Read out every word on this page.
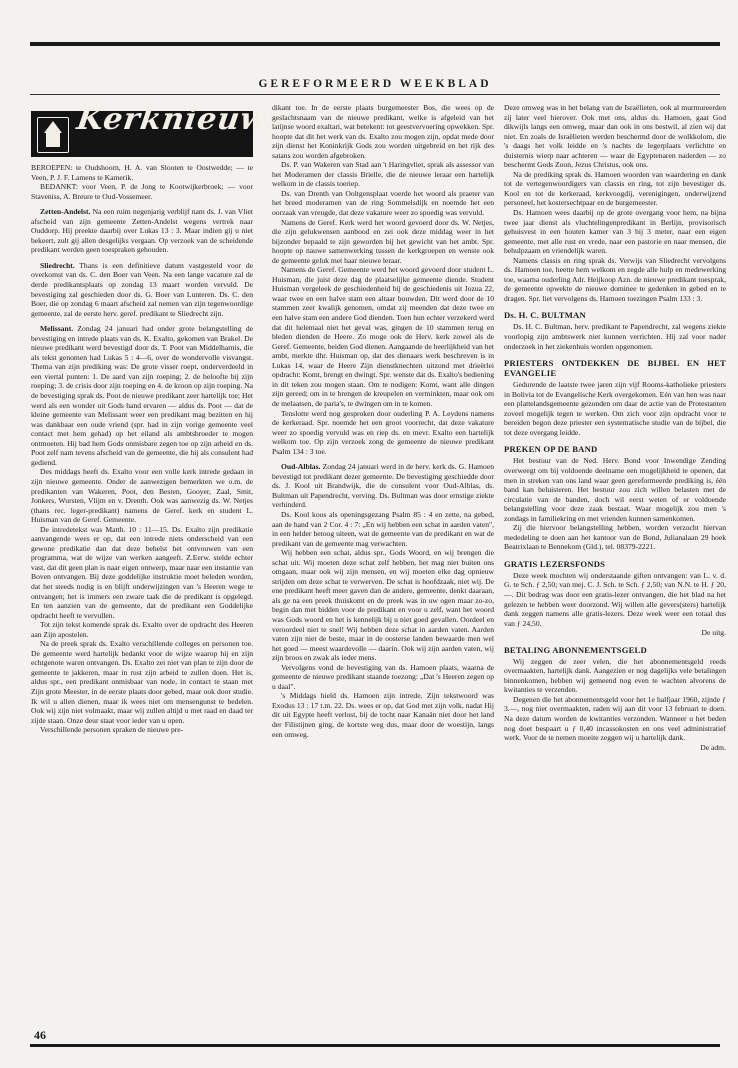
GEREFORMEERD WEEKBLAD
Kerknieuws

BEROEPEN: te Oudshoorn, H. A. van Slooten te Oostwedde; — te Veen, P. J. F. Lamens te Kamerik.

BEDANKT: voor Veen, P. de Jong te Kootwijkerbroek; — voor Staveniss, A. Breure te Oud-Vossemeer.

Zetten-Andelst. Na een ruim negenjarig verblijf nam ds. J. van Vliet afscheid van zijn gemeente Zetten-Andelst wegens vertrek naar Ouddorp. Hij preekte daarbij over Lukas 13 : 3. Maar indien gij u niet bekeert, zult gij allen desgelijks vergaan. Op verzoek van de scheidende predikant werden geen toespraken gehouden.

Sliedrecht. Thans is een definitieve datum vastgesteld voor de overkomst van ds. C. den Boer van Veen. Na een lange vacature zal de derde predikantsplaats op zondag 13 maart worden vervuld. De bevestiging zal geschieden door ds. G. Boer van Lunteren. Ds. C. den Boer, die op zondag 6 maart afscheid zal nemen van zijn tegenwoordige gemeente, zal de eerste herv. geref. predikant te Sliedrecht zijn.

Melissant. Zondag 24 januari had onder grote belangstelling de bevestiging en intrede plaats van ds. K. Exalto, gekomen van Brakel. De nieuwe predikant werd bevestigd door ds. T. Poot van Middelharnis, die als tekst genomen had Lukas 5 : 4—6, over de wondervolle visvangst. Thema van zijn prediking was: De grote visser roept, onderverdeeld in een viertal punten: 1. De aard van zijn roeping; 2. de beloofte bij zijn roeping; 3. de crisis door zijn roeping en 4. de kroon op zijn roeping. Na de bevestiging sprak ds. Poot de nieuwe predikant zeer hartelijk toe; Het werd als een wonder uit Gods hand ervaren — aldus ds. Poot — dat de kleine gemeente van Melissant weer een predikant mag bezitten en hij was dankbaar een oude vriend (spr. had in zijn vorige gemeente veel contact met hem gehad) op het eiland als ambtsbroeder te mogen ontmoeten. Hij bad hem Gods onmisbare zegen toe op zijn arbeid en ds. Poot zelf nam tevens afscheid van de gemeente, die hij als consulent had gediend.

Des middags heeft ds. Exalto voor een volle kerk intrede gedaan in zijn nieuwe gemeente. Onder de aanwezigen bemerkten we o.m. de predikanten van Wakeren, Poot, den Besten, Gooyer, Zaal, Smit, Jonkers, Wursten, Vlijm en v. Drenth. Ook was aanwezig ds. W. Netjes (thans rec. leger-predikant) namens de Geref. kerk en student L. Huisman van de Geref. Gemeente.

De intredetekst was Matth. 10 : 11—15. Ds. Exalto zijn predikatie aanvangende wees er op, dat een intrede niets onderscheid van een gewone predikatie dan dat deze behelst het ontvouwen van een programma, wat de wijze van werken aangeeft. Z.Eerw. stelde echter vast, dat dit geen plan is naar eigen ontwerp, maar naar een instantie van Boven ontvangen. Bij deze goddelijke instruktie moet beleden worden, dat het steeds nodig is en blijft onderwijzingen van 's Heeren wege te ontvangen; het is immers een zware taak die de predikant is opgelegd. En ten aanzien van de gemeente, dat de predikant een Goddelijke opdracht heeft te vervullen.

Tot zijn tekst komende sprak ds. Exalto over de opdracht des Heeren aan Zijn apostelen.

Na de preek sprak ds. Exalto verschillende colleges en personen toe. De gemeente werd hartelijk bedankt voor de wijze waarop hij en zijn echtgenote waren ontvangen. Ds. Exalto zei niet van plan te zijn door de gemeente te jakkeren, maar in rust zijn arbeid te zullen doen. Het is, aldus spr., een predikant onmisbaar van node, in contact te staan met Zijn grote Meester, in de eerste plaats door gebed, maar ook door studie. Ik wil u allen dienen, maar ik wees niet om mensengunst te bedelen. Ook wij zijn niet volmaakt, maar wij zullen altijd u met raad en daad ter zijde staan. Onze deur staat voor ieder van u open.

Verschillende personen spraken de nieuwe pre-

dikant toe. In de eerste plaats burgemeester Bos, die wees op de geslachtsnaam van de nieuwe predikant, welke is afgeleid van het latijnse woord exaltari, wat betekent: tot geestvervoering opwekken. Spr. hoopte dat dit het werk van ds. Exalto zou mogen zijn, opdat mede door zijn dienst het Koninkrijk Gods zou worden uitgebreid en het rijk des satans zou worden afgebroken.

Ds. P. van Wakeren van Stad aan 't Haringvliet, sprak als assessor van het Moderamen der classis Brielle, die de nieuwe leraar een hartelijk welkom in de classis toeriep.

Ds. van Drenth van Ooltgensplaat voerde het woord als praeter van het breed moderamen van de ring Sommelsdijk en noemde het een oorzaak van vreugde, dat deze vakature weer zo spoedig was vervuld.

Namens de Geref. Kerk werd het woord gevoerd door ds. W. Netjes, die zijn gelukwensen aanbood en zei ook deze middag weer in het bijzonder bepaald te zijn geworden bij het gewicht van het ambt. Spr. hoopte op nauwe samenwerking tussen de kerkgroepen en wenste ook de gemeente geluk met haar nieuwe leraar.

Namens de Geref. Gemeente werd het woord gevoerd door student L. Huisman, die juist deze dag de plaatselijke gemeente diende. Student Huisman vergeleek de geschiedenheid bij de geschiedenis uit Jozua 22, waar twee en een halve stam een altaar bouwden. Dit werd door de 10 stammen zeer kwalijk genomen, omdat zij meenden dat deze twee en een halve stam een andere God dienden. Toen hun echter verzekerd werd dat dit helemaal niet het geval was, gingen de 10 stammen terug en bleden dienden de Heere. Zo moge ook de Herv. kerk zowel als de Geref. Gemeente, beiden God dienen. Aangaande de heerlijkheid van het ambt, merkte dhr. Huisman op, dat des dienaars werk beschreven is in Lukas 14, waar de Heere Zijn dienstknechten uitzond met drieërlei opdracht: Komt, brengt en dwingt. Spr. wenste dat ds. Exalto's bediening in dit teken zou mogen staan. Om te nodigen: Komt, want alle dingen zijn gereed; om in te brengen de kreupelen en verminkten, maar ook om de melaatsen, de paria's, te dwingen om in te komen.

Tenslotte werd nog gesproken door ouderling P. A. Leydens namens de kerkeraad. Spr. noemde het een groot voorrecht, dat deze vakature weer zo spoedig vervuld was en riep ds. en mevr. Exalto een hartelijk welkom toe. Op zijn verzoek zong de gemeente de nieuwe predikant Psalm 134 : 3 toe.

Oud-Alblas. Zondag 24 januari werd in de herv. kerk ds. G. Hamoen bevestigd tot predikant dezer gemeente. De bevestiging geschiedde door ds. J. Kool uit Brandwijk, die de consulent voor Oud-Alblas, ds. Bultman uit Papendrecht, verving. Ds. Bultman was door ernstige ziekte verhinderd.

Ds. Kool koos als openingsgezang Psalm 85 : 4 en zette, na gebed, aan de hand van 2 Cor. 4 : 7: „En wij hebben een schat in aarden vaten", in een helder betoog uiteen, wat de gemeente van de predikant en wat de predikant van de gemeente mag verwachten.

Wij hebben een schat, aldus spr., Gods Woord, en wij brengen die schat uit. Wij moeten deze schat zelf hebben, het mag niet buiten ons omgaan, maar ook wij zijn mensen, en wij moeten elke dag opnieuw strijden om deze schat te verwerven. De schat is hoofdzaak, niet wij. De ene predikant heeft meer gaven dan de andere, gemeente, denkt daaraan, als ge na een preek thuiskomt en de preek was in uw ogen maar zo-zo, begin dan met bidden voor de predikant en voor u zelf, want het woord was Gods woord en het is kennelijk bij u niet goed gevallen. Oordeel en veroordeel niet te snel! Wij hebben deze schat in aarden vaten. Aarden vaten zijn niet de beste, maar in de oosterse landen bewaarde men wel het goed — meest waardevolle — daarin. Ook wij zijn aarden vaten, wij zijn broos en zwak als ieder mens.

Vervolgens vond de bevestiging van ds. Hamoen plaats, waarna de gemeente de nieuwe predikant staande toezong: „Dat 's Heeren zegen op u daal".

's Middags hield ds. Hamoen zijn intrede. Zijn tekstwoord was Exodus 13 : 17 t.m. 22. Ds. wees er op, dat God met zijn volk, nadat Hij dit uit Egypte heeft verlost, bij de tocht naar Kanaän niet door het land der Filistijnen ging, de kortste weg dus, maar door de woestijn, langs een omweg.

Deze omweg was in het belang van de Israëlieten, ook al murmureerden zij later veel hierover. Ook met ons, aldus ds. Hamoen, gaat God dikwijls langs een omweg, maar dan ook in ons bestwil, al zien wij dat niet. En zoals de Israëlieten werden beschermd door de wolkkolom, die 's daags het volk leidde en 's nachts de legerplaats verlichtte en duisternis wierp naar achteren — waar de Egyptenaren naderden — zo beschermt Gods Zoon, Jezus Christus, ook ons.

Na de prediking sprak ds. Hamoen woorden van waardering en dank tot de vertegenwoordigers van classis en ring, tot zijn bevestiger ds. Kool en tot de kerkeraad, kerkvoogdij, verenigingen, onderwijzend personeel, het kostersechtpaar en de burgemeester.

Ds. Hamoen wees daarbij op de grote overgang voor hem, na bijna twee jaar dienst als vluchtelingenpredikant in Berlijn, provisorisch gehuisvest in een houten kamer van 3 bij 3 meter, naar een eigen gemeente, met alle rust en vrede, naar een pastorie en naar mensen, die behulpzaam en vriendelijk waren.

Namens classis en ring sprak ds. Verwijs van Sliedrecht vervolgens ds. Hamoen toe, heette hem welkom en zegde alle hulp en medewerking toe, waarna ouderling Adr. Heijkoop Azn. de nieuwe predikant toesprak, de gemeente opwekte de nieuwe dominee te gedenken in gebed en te dragen. Spr. liet vervolgens ds. Hamoen toezingen Psalm 133 : 3.

Ds. H. C. BULTMAN

Ds. H. C. Bultman, herv. predikant te Papendrecht, zal wegens ziekte voorlopig zijn ambtswerk niet kunnen verrichten. Hij zal voor nader onderzoek in het ziekenhuis worden opgenomen.

PRIESTERS ONTDEKKEN DE BIJBEL EN HET EVANGELIE

Gedurende de laatste twee jaren zijn vijf Rooms-katholieke priesters in Bolivia tot de Evangelische Kerk overgekomen. Eén van hen was naar een plattelandsgemeente gezonden om daar de actie van de Protestanten zoveel mogelijk tegen te werken. Om zich voor zijn opdracht voor te bereiden begon deze priester een systematische studie van de bijbel, die tot deze overgang leidde.

PREKEN OP DE BAND

Het bestuur van de Ned. Herv. Bond voor Inwendige Zending overweegt om bij voldoende deelname een mogelijkheid te openen, dat men in streken van ons land waar geen gereformeerde prediking is, één band kan beluisteren. Het bestuur zou zich willen belasten met de circulatie van de banden, doch wil eerst weten of er voldoende belangstelling voor deze zaak bestaat. Waar mogelijk zou men 's zondags in familiekring en met vrienden kunnen samenkomen.

Zij die hiervoor belangstelling hebben, worden verzocht hiervan mededeling te doen aan het kantoor van de Bond, Julianalaan 29 hoek Beatrixlaan te Bennekom (Gld.), tel. 08379-2221.

GRATIS LEZERSFONDS

Deze week mochten wij onderstaande giften ontvangen: van L. v. d. G. te Sch. ƒ 2,50; van mej. C. J. Sch. te Sch. ƒ 2,50; van N.N. te H. ƒ 20,—. Dit bedrag was door een gratis-lezer ontvangen, die het blad na het gelezen te hebben weer doorzond. Wij willen alle gevers(sters) hartelijk dank zeggen namens alle gratis-lezers. Deze week weer een totaal dus van ƒ 24,50.

De uitg.
BETALING ABONNEMENTSGELD

Wij zeggen de zeer velen, die het abonnementsgeld reeds overmaakten, hartelijk dank. Aangezien er nog dagelijks vele betalingen binnenkomen, hebben wij gemeend nog even te wachten alvorens de kwitanties te verzenden.

Degenen die het abonnementsgeld voor het 1e halfjaar 1960, zijnde ƒ 3.—, nog niet overmaakten, raden wij aan dit voor 13 februari te doen. Na deze datum worden de kwitanties verzonden. Wanneer u het beden nog doet bespaart u ƒ 0,40 incassokosten en ons veel administratief werk. Voor de te nemen moeite zeggen wij u hartelijk dank.

De adm.
46
